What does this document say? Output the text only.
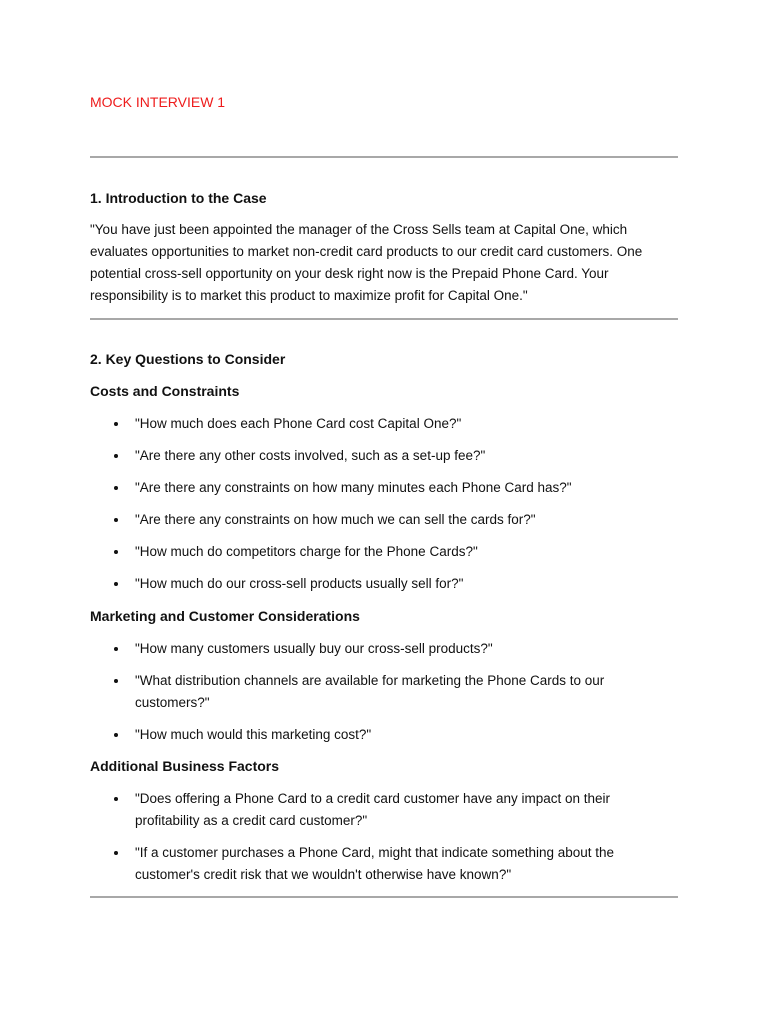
MOCK INTERVIEW 1
1. Introduction to the Case
"You have just been appointed the manager of the Cross Sells team at Capital One, which evaluates opportunities to market non-credit card products to our credit card customers. One potential cross-sell opportunity on your desk right now is the Prepaid Phone Card. Your responsibility is to market this product to maximize profit for Capital One."
2. Key Questions to Consider
Costs and Constraints
"How much does each Phone Card cost Capital One?"
"Are there any other costs involved, such as a set-up fee?"
"Are there any constraints on how many minutes each Phone Card has?"
"Are there any constraints on how much we can sell the cards for?"
"How much do competitors charge for the Phone Cards?"
"How much do our cross-sell products usually sell for?"
Marketing and Customer Considerations
"How many customers usually buy our cross-sell products?"
"What distribution channels are available for marketing the Phone Cards to our customers?"
"How much would this marketing cost?"
Additional Business Factors
"Does offering a Phone Card to a credit card customer have any impact on their profitability as a credit card customer?"
"If a customer purchases a Phone Card, might that indicate something about the customer's credit risk that we wouldn't otherwise have known?"
